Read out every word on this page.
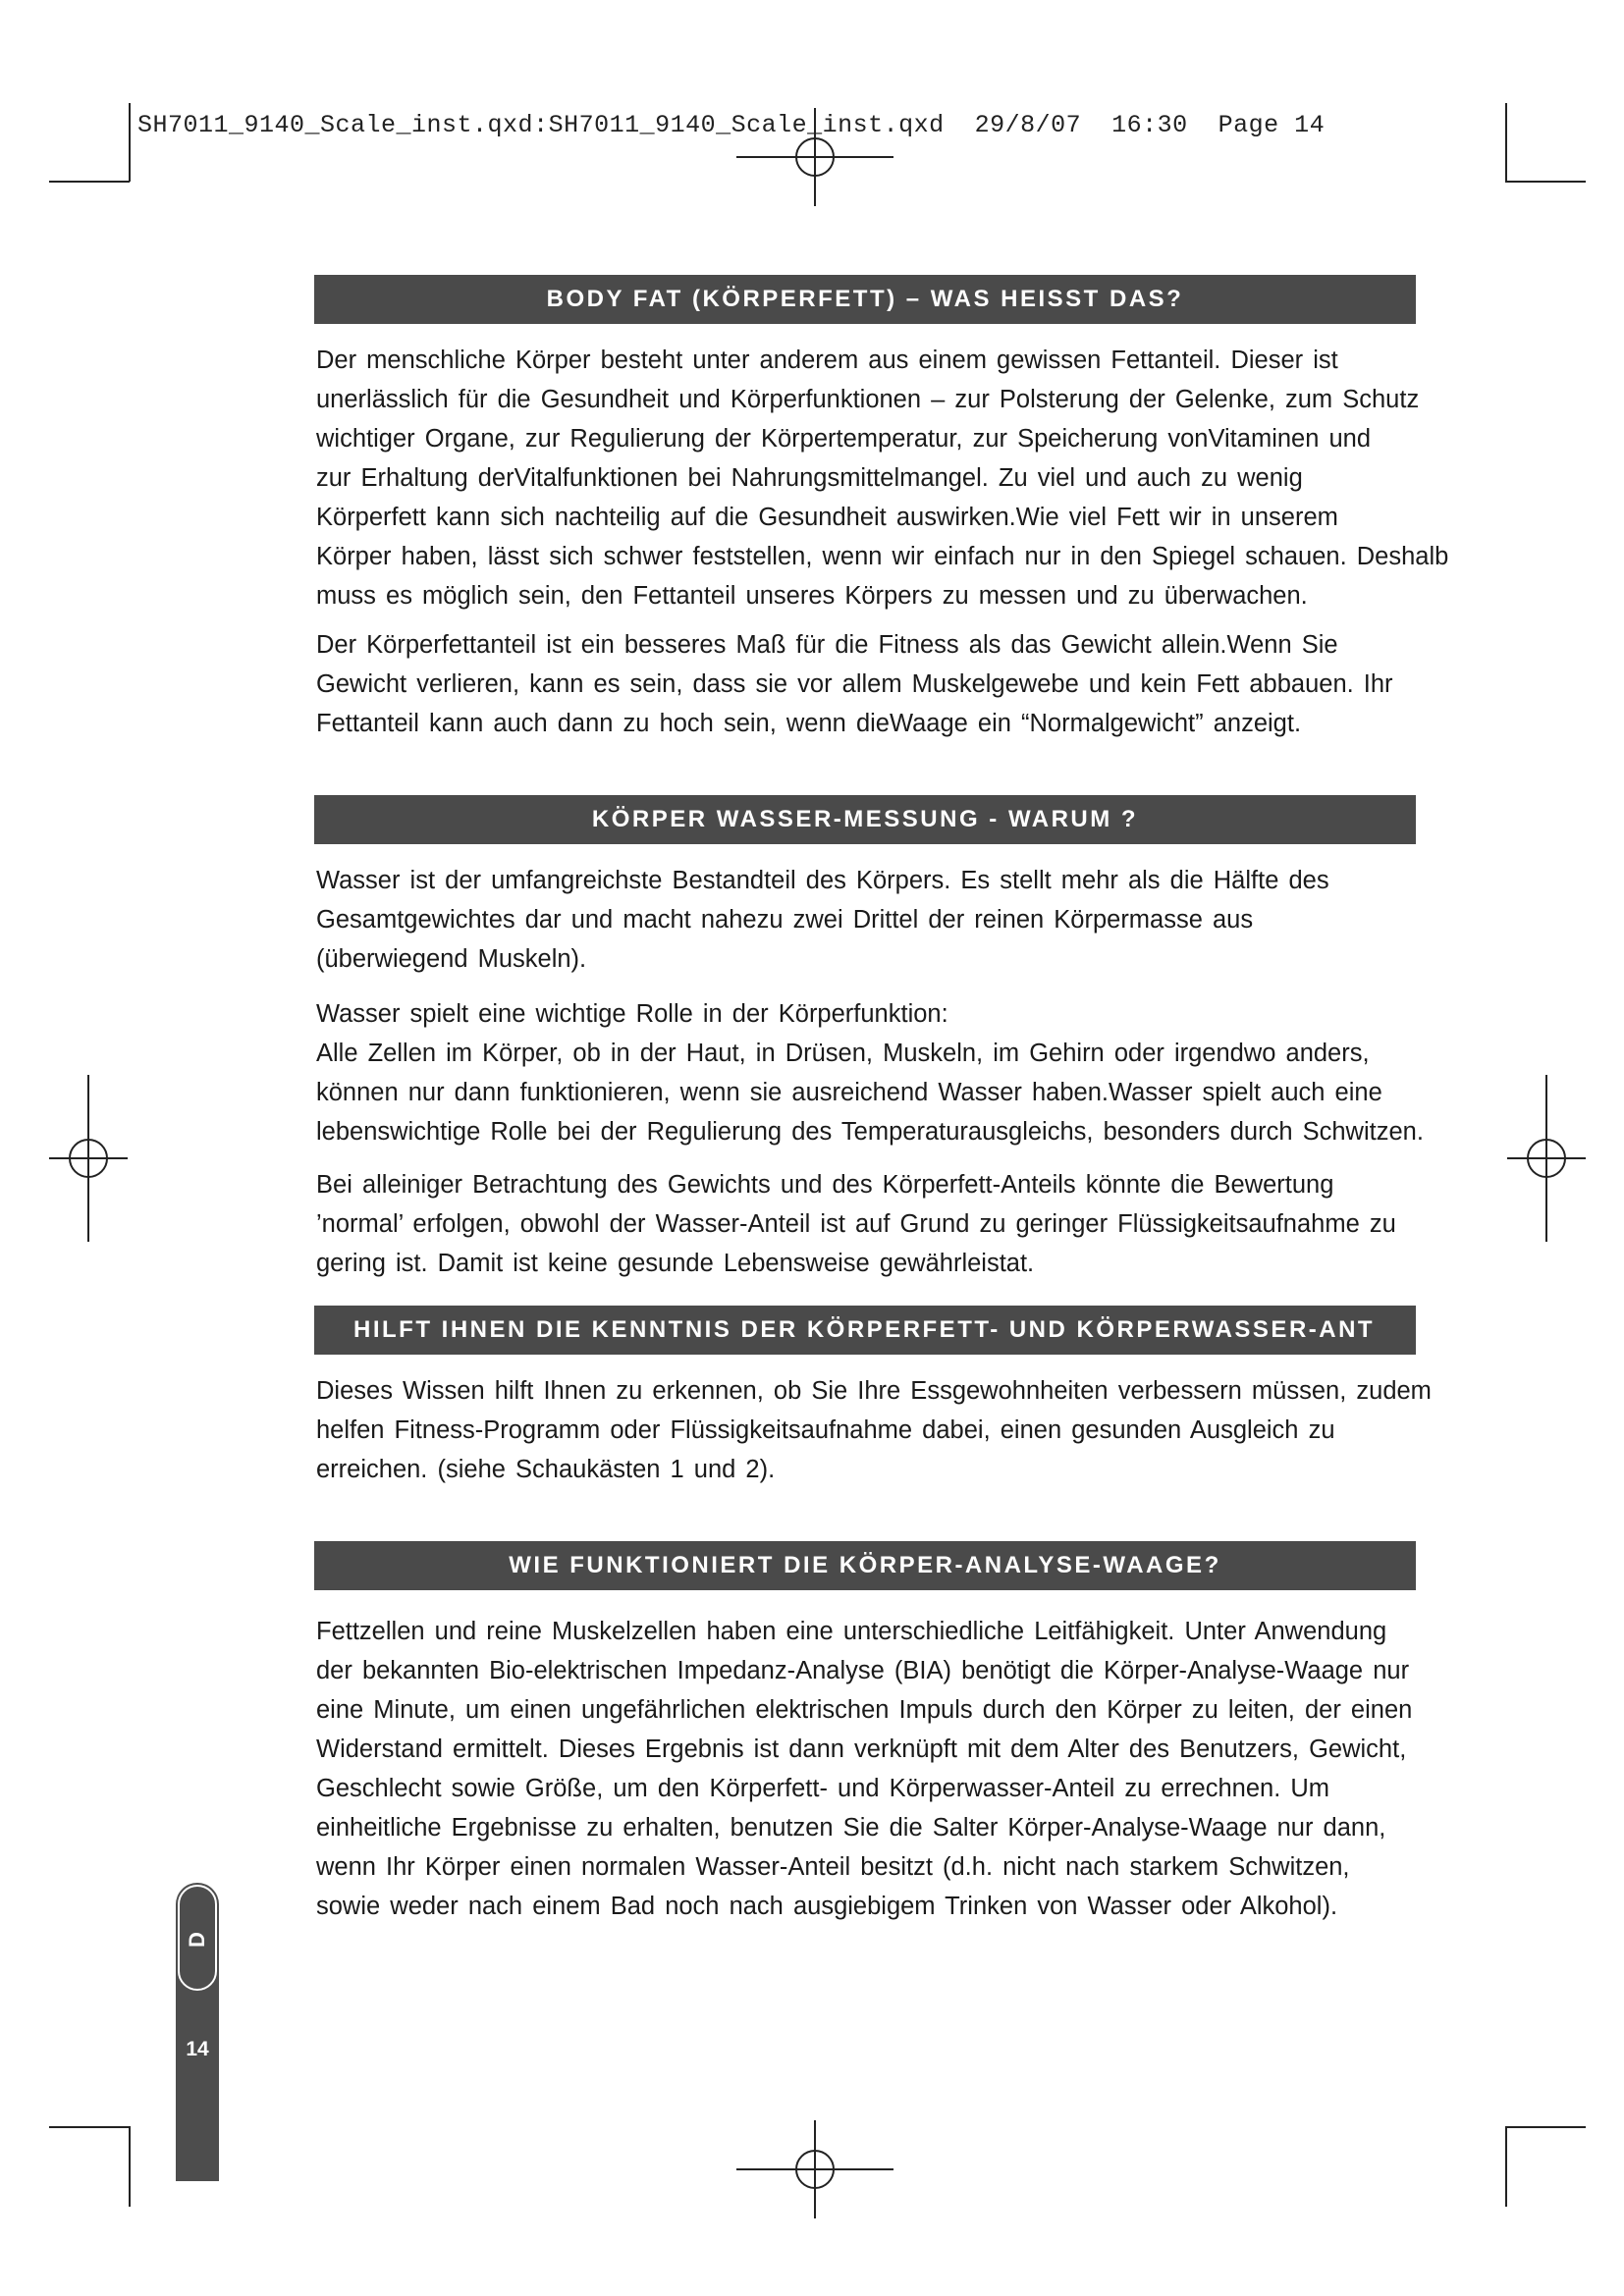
SH7011_9140_Scale_inst.qxd:SH7011_9140_Scale_inst.qxd  29/8/07  16:30  Page 14
BODY FAT (KÖRPERFETT) – WAS HEISST DAS?
Der menschliche Körper besteht unter anderem aus einem gewissen Fettanteil. Dieser ist
unerlässlich für die Gesundheit und Körperfunktionen – zur Polsterung der Gelenke, zum Schutz
wichtiger Organe, zur Regulierung der Körpertemperatur, zur Speicherung vonVitaminen und
zur Erhaltung derVitalfunktionen bei Nahrungsmittelmangel. Zu viel und auch zu wenig
Körperfett kann sich nachteilig auf die Gesundheit auswirken.Wie viel Fett wir in unserem
Körper haben, lässt sich schwer feststellen, wenn wir einfach nur in den Spiegel schauen. Deshalb
muss es möglich sein, den Fettanteil unseres Körpers zu messen und zu überwachen.
Der Körperfettanteil ist ein besseres Maß für die Fitness als das Gewicht allein.Wenn Sie
Gewicht verlieren, kann es sein, dass sie vor allem Muskelgewebe und kein Fett abbauen. Ihr
Fettanteil kann auch dann zu hoch sein, wenn dieWaage ein “Normalgewicht” anzeigt.
KÖRPER WASSER-MESSUNG - WARUM ?
Wasser ist der umfangreichste Bestandteil des Körpers. Es stellt mehr als die Hälfte des
Gesamtgewichtes dar und macht nahezu zwei Drittel der reinen Körpermasse aus
(überwiegend Muskeln).
Wasser spielt eine wichtige Rolle in der Körperfunktion:
Alle Zellen im Körper, ob in der Haut, in Drüsen, Muskeln, im Gehirn oder irgendwo anders,
können nur dann funktionieren, wenn sie ausreichend Wasser haben.Wasser spielt auch eine
lebenswichtige Rolle bei der Regulierung des Temperaturausgleichs, besonders durch Schwitzen.
Bei alleiniger Betrachtung des Gewichts und des Körperfett-Anteils könnte die Bewertung
’normal’ erfolgen, obwohl der Wasser-Anteil ist auf Grund zu geringer Flüssigkeitsaufnahme zu
gering ist. Damit ist keine gesunde Lebensweise gewährleistat.
HILFT IHNEN DIE KENNTNIS DER KÖRPERFETT- UND KÖRPERWASSER-ANT
Dieses Wissen hilft Ihnen zu erkennen, ob Sie Ihre Essgewohnheiten verbessern müssen, zudem
helfen Fitness-Programm oder Flüssigkeitsaufnahme dabei, einen gesunden Ausgleich zu
erreichen. (siehe Schaukästen 1 und 2).
WIE FUNKTIONIERT DIE KÖRPER-ANALYSE-WAAGE?
Fettzellen und reine Muskelzellen haben eine unterschiedliche Leitfähigkeit. Unter Anwendung
der bekannten Bio-elektrischen Impedanz-Analyse (BIA) benötigt die Körper-Analyse-Waage nur
eine Minute, um einen ungefährlichen elektrischen Impuls durch den Körper zu leiten, der einen
Widerstand ermittelt. Dieses Ergebnis ist dann verknüpft mit dem Alter des Benutzers, Gewicht,
Geschlecht sowie Größe, um den Körperfett- und Körperwasser-Anteil zu errechnen. Um
einheitliche Ergebnisse zu erhalten, benutzen Sie die Salter Körper-Analyse-Waage nur dann,
wenn Ihr Körper einen normalen Wasser-Anteil besitzt (d.h. nicht nach starkem Schwitzen,
sowie weder nach einem Bad noch nach ausgiebigem Trinken von Wasser oder Alkohol).
D
14
